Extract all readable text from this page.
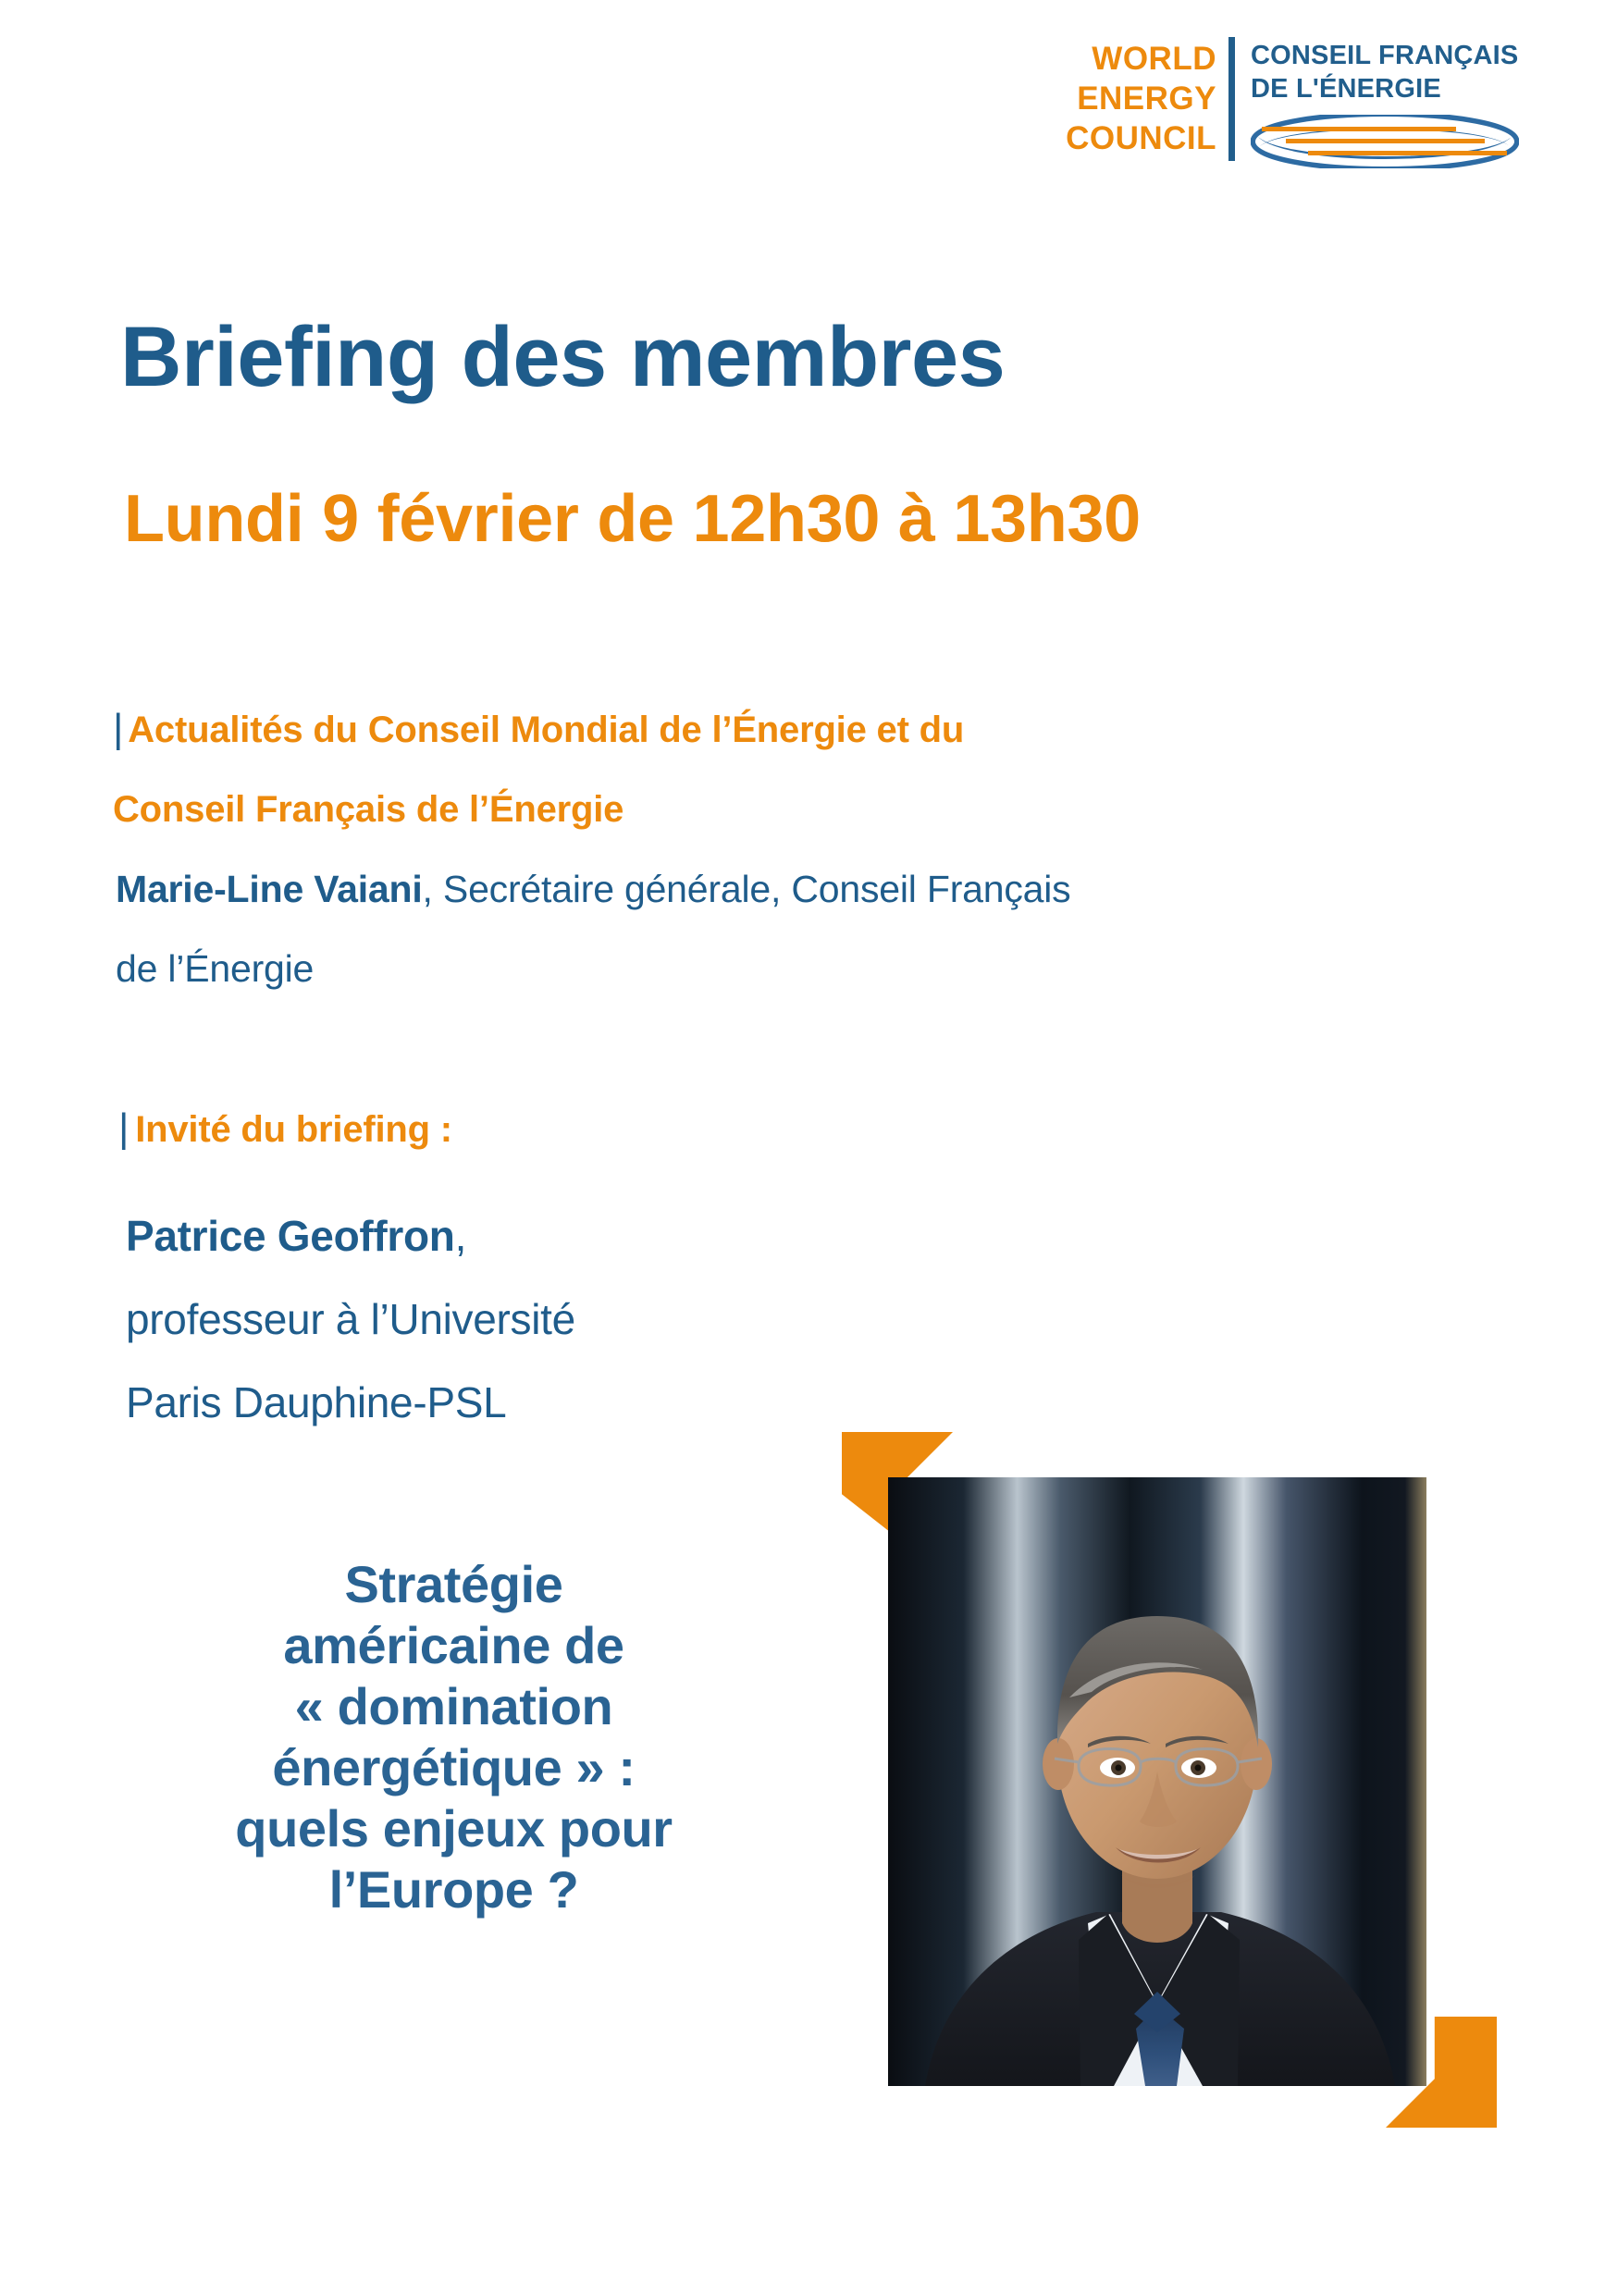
WORLD
ENERGY
COUNCIL
CONSEIL FRANÇAIS
DE L'ÉNERGIE
Briefing des membres
Lundi 9 février de 12h30 à 13h30
| Actualités du Conseil Mondial de l’Énergie et du
Conseil Français de l’Énergie
Marie-Line Vaiani, Secrétaire générale, Conseil Français
de l’Énergie
| Invité du briefing :
Patrice Geoffron,
professeur à l’Université
Paris Dauphine-PSL
Stratégie
américaine de
« domination
énergétique » :
quels enjeux pour
l’Europe ?
